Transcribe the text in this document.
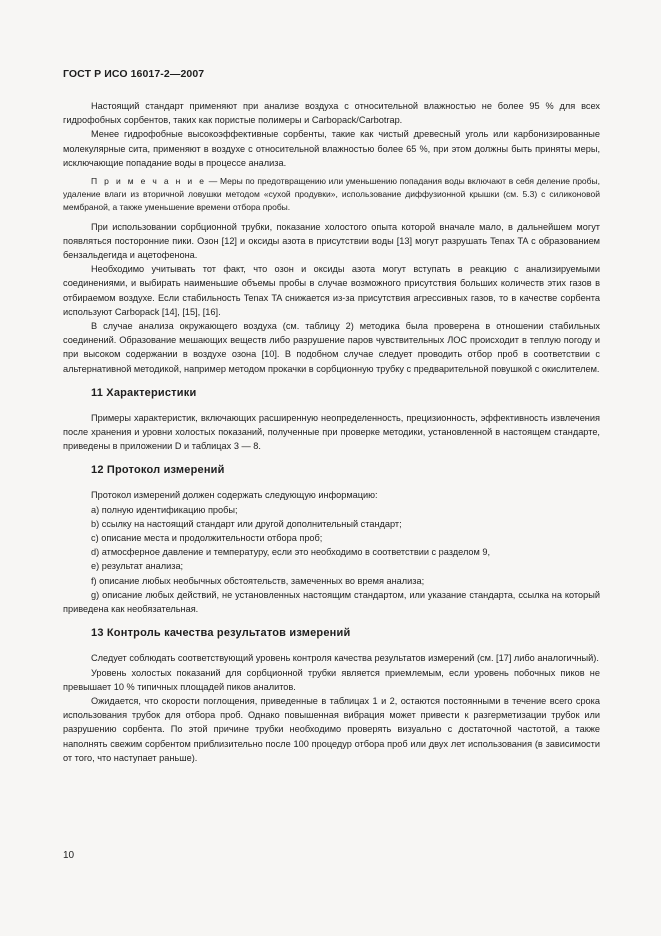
ГОСТ Р ИСО 16017-2—2007

Настоящий стандарт применяют при анализе воздуха с относительной влажностью не более 95 % для всех гидрофобных сорбентов, таких как пористые полимеры и Carbopack/Carbotrap.

Менее гидрофобные высокоэффективные сорбенты, такие как чистый древесный уголь или карбонизированные молекулярные сита, применяют в воздухе с относительной влажностью более 65 %, при этом должны быть приняты меры, исключающие попадание воды в процессе анализа.

П р и м е ч а н и е — Меры по предотвращению или уменьшению попадания воды включают в себя деление пробы, удаление влаги из вторичной ловушки методом «сухой продувки», использование диффузионной крышки (см. 5.3) с силиконовой мембраной, а также уменьшение времени отбора пробы.

При использовании сорбционной трубки, показание холостого опыта которой вначале мало, в дальнейшем могут появляться посторонние пики. Озон [12] и оксиды азота в присутствии воды [13] могут разрушать Tenax TA с образованием бензальдегида и ацетофенона.

Необходимо учитывать тот факт, что озон и оксиды азота могут вступать в реакцию с анализируемыми соединениями, и выбирать наименьшие объемы пробы в случае возможного присутствия больших количеств этих газов в отбираемом воздухе. Если стабильность Tenax TA снижается из-за присутствия агрессивных газов, то в качестве сорбента используют Carbopack [14], [15], [16].

В случае анализа окружающего воздуха (см. таблицу 2) методика была проверена в отношении стабильных соединений. Образование мешающих веществ либо разрушение паров чувствительных ЛОС происходит в теплую погоду и при высоком содержании в воздухе озона [10]. В подобном случае следует проводить отбор проб в соответствии с альтернативной методикой, например методом прокачки в сорбционную трубку с предварительной повушкой с окислителем.

11 Характеристики

Примеры характеристик, включающих расширенную неопределенность, прецизионность, эффективность извлечения после хранения и уровни холостых показаний, полученные при проверке методики, установленной в настоящем стандарте, приведены в приложении D и таблицах 3 — 8.

12 Протокол измерений

Протокол измерений должен содержать следующую информацию:

a) полную идентификацию пробы;

b) ссылку на настоящий стандарт или другой дополнительный стандарт;

c) описание места и продолжительности отбора проб;

d) атмосферное давление и температуру, если это необходимо в соответствии с разделом 9,

e) результат анализа;

f) описание любых необычных обстоятельств, замеченных во время анализа;

g) описание любых действий, не установленных настоящим стандартом, или указание стандарта, ссылка на который приведена как необязательная.

13 Контроль качества результатов измерений

Следует соблюдать соответствующий уровень контроля качества результатов измерений (см. [17] либо аналогичный).

Уровень холостых показаний для сорбционной трубки является приемлемым, если уровень побочных пиков не превышает 10 % типичных площадей пиков аналитов.

Ожидается, что скорости поглощения, приведенные в таблицах 1 и 2, остаются постоянными в течение всего срока использования трубок для отбора проб. Однако повышенная вибрация может привести к разгерметизации трубок или разрушению сорбента. По этой причине трубки необходимо проверять визуально с достаточной частотой, а также наполнять свежим сорбентом приблизительно после 100 процедур отбора проб или двух лет использования (в зависимости от того, что наступает раньше).

10
